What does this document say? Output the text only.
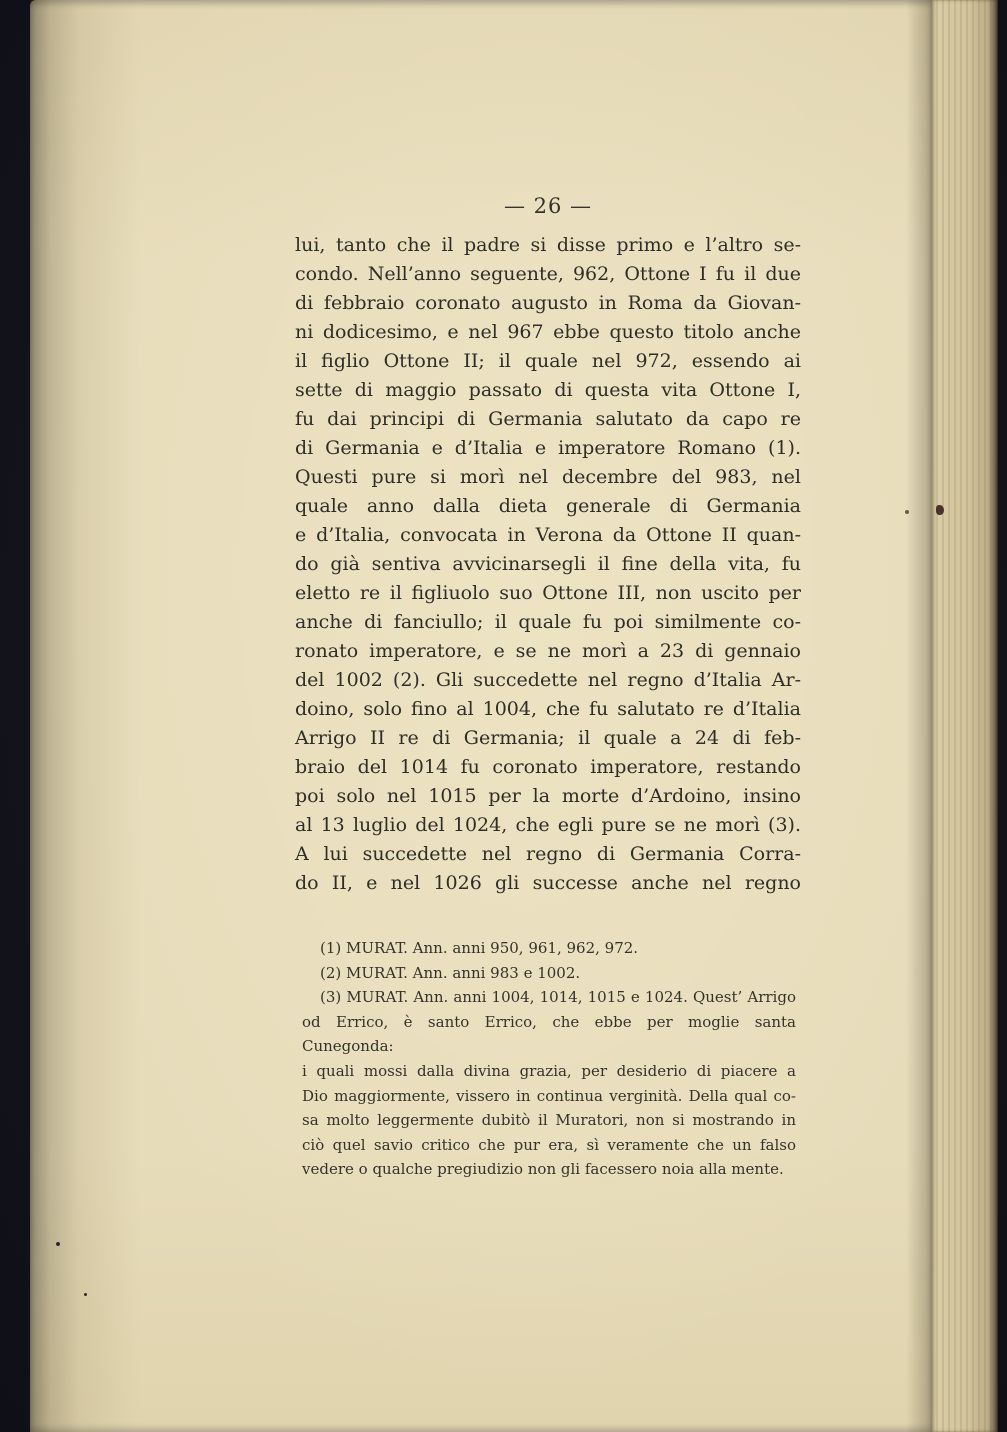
— 26 —
lui, tanto che il padre si disse primo e l’altro se-
condo. Nell’anno seguente, 962, Ottone I fu il due
di febbraio coronato augusto in Roma da Giovan-
ni dodicesimo, e nel 967 ebbe questo titolo anche
il figlio Ottone II; il quale nel 972, essendo ai
sette di maggio passato di questa vita Ottone I,
fu dai principi di Germania salutato da capo re
di Germania e d’Italia e imperatore Romano (1).
Questi pure si morì nel decembre del 983, nel
quale anno dalla dieta generale di Germania
e d’Italia, convocata in Verona da Ottone II quan-
do già sentiva avvicinarsegli il fine della vita, fu
eletto re il figliuolo suo Ottone III, non uscito per
anche di fanciullo; il quale fu poi similmente co-
ronato imperatore, e se ne morì a 23 di gennaio
del 1002 (2). Gli succedette nel regno d’Italia Ar-
doino, solo fino al 1004, che fu salutato re d’Italia
Arrigo II re di Germania; il quale a 24 di feb-
braio del 1014 fu coronato imperatore, restando
poi solo nel 1015 per la morte d’Ardoino, insino
al 13 luglio del 1024, che egli pure se ne morì (3).
A lui succedette nel regno di Germania Corra-
do II, e nel 1026 gli successe anche nel regno
(1) MURAT. Ann. anni 950, 961, 962, 972.
(2) MURAT. Ann. anni 983 e 1002.
(3) MURAT. Ann. anni 1004, 1014, 1015 e 1024. Quest’ Arrigo
od Errico, è santo Errico, che ebbe per moglie santa Cunegonda:
i quali mossi dalla divina grazia, per desiderio di piacere a
Dio maggiormente, vissero in continua verginità. Della qual co-
sa molto leggermente dubitò il Muratori, non si mostrando in
ciò quel savio critico che pur era, sì veramente che un falso
vedere o qualche pregiudizio non gli facessero noia alla mente.
